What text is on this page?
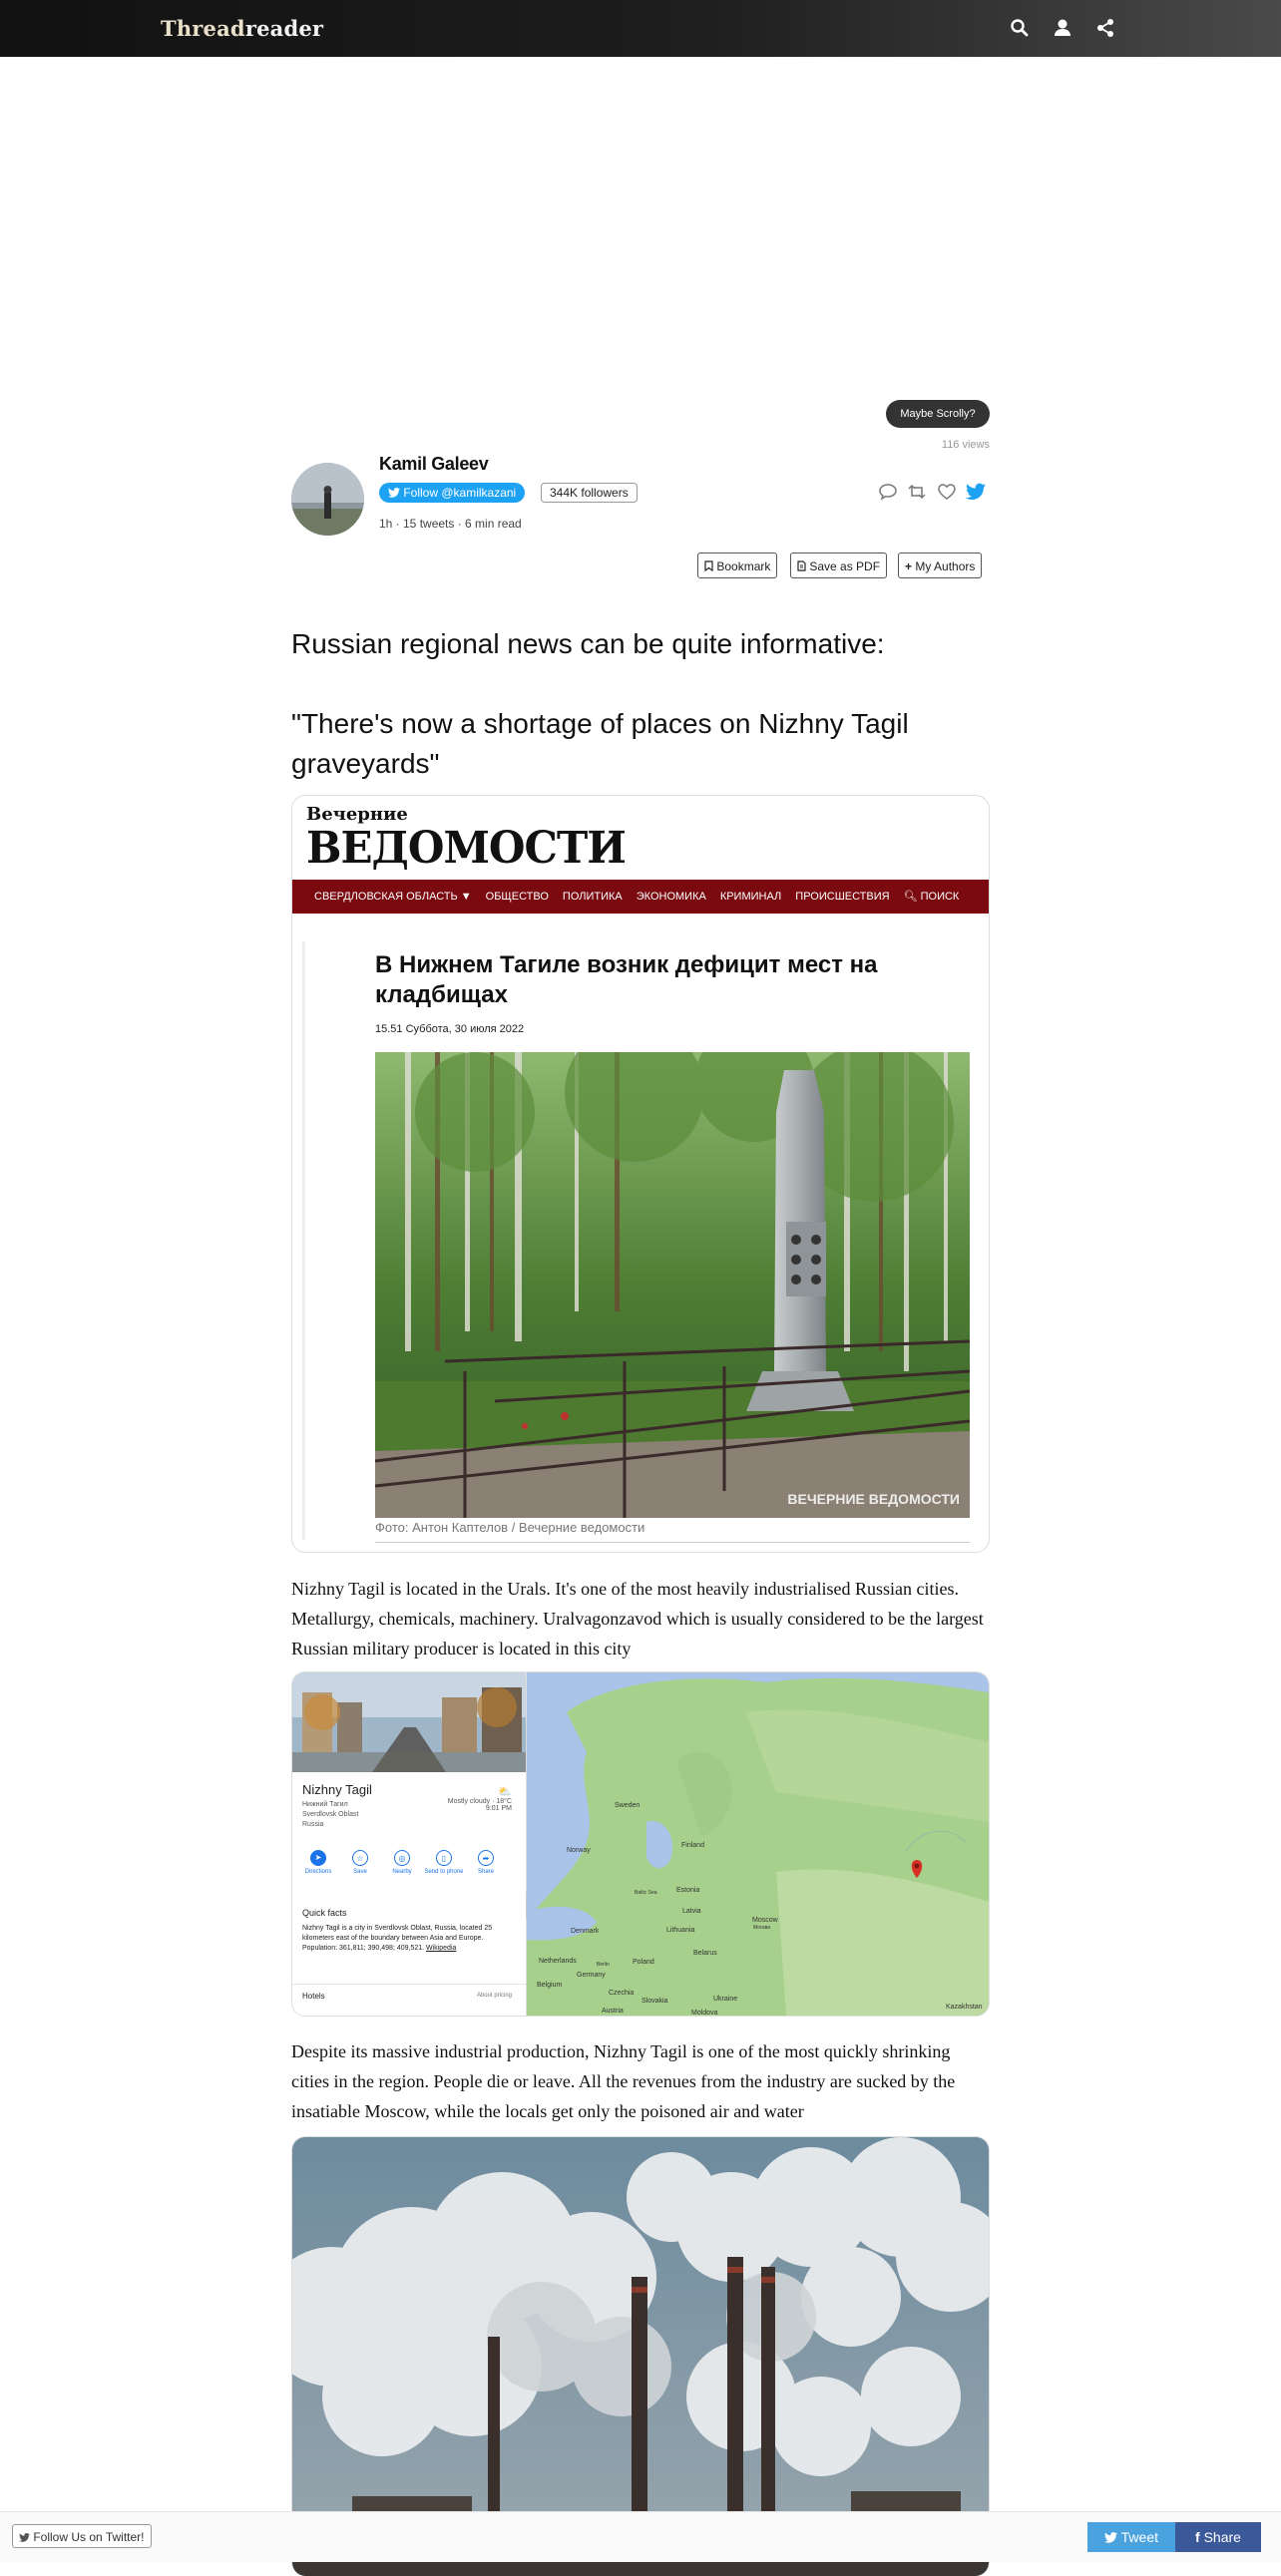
Threadreader
Maybe Scrolly?
116 views
Kamil Galeev
Follow @kamilkazani	344K followers
1h · 15 tweets · 6 min read

Bookmark	Save as PDF	+ My Authors
Russian regional news can be quite informative:
"There's now a shortage of places on Nizhny Tagil graveyards"
Вечерние
ВЕДОМОСТИ
СВЕРДЛОВСКАЯ ОБЛАСТЬ ▼ ОБЩЕСТВО ПОЛИТИКА ЭКОНОМИКА КРИМИНАЛ ПРОИСШЕСТВИЯ 🔍︎ ПОИСК
В Нижнем Тагиле возник дефицит мест на кладбищах
15.51 Суббота, 30 июля 2022
ВЕЧЕРНИЕ ВЕДОМОСТИ
Фото: Антон Каптелов / Вечерние ведомости
Nizhny Tagil is located in the Urals. It's one of the most heavily industrialised Russian cities. Metallurgy, chemicals, machinery. Uralvagonzavod which is usually considered to be the largest Russian military producer is located in this city
Nizhny Tagil
Нижний Тагил
Sverdlovsk Oblast
Russia
⛅
Mostly cloudy · 18°C
9:01 PM
➤
Directions
☆
Save
◎
Nearby
▯
Send to phone
➦
Share
Quick facts
Nizhny Tagil is a city in Sverdlovsk Oblast, Russia, located 25 kilometers east of the boundary between Asia and Europe. Population: 361,811; 390,498; 409,521. Wikipedia
Hotels	About pricing
Sweden
Finland
Norway
Estonia
Latvia
Lithuania
Denmark
Belarus
Netherlands	Poland
Germany
Belgium
Czechia
Slovakia
Austria
Ukraine
Moldova
Kazakhstan
Moscow
Москва
Baltic Sea
Berlin
Despite its massive industrial production, Nizhny Tagil is one of the most quickly shrinking cities in the region. People die or leave. All the revenues from the industry are sucked by the insatiable Moscow, while the locals get only the poisoned air and water
Follow Us on Twitter!	Tweet	f Share
